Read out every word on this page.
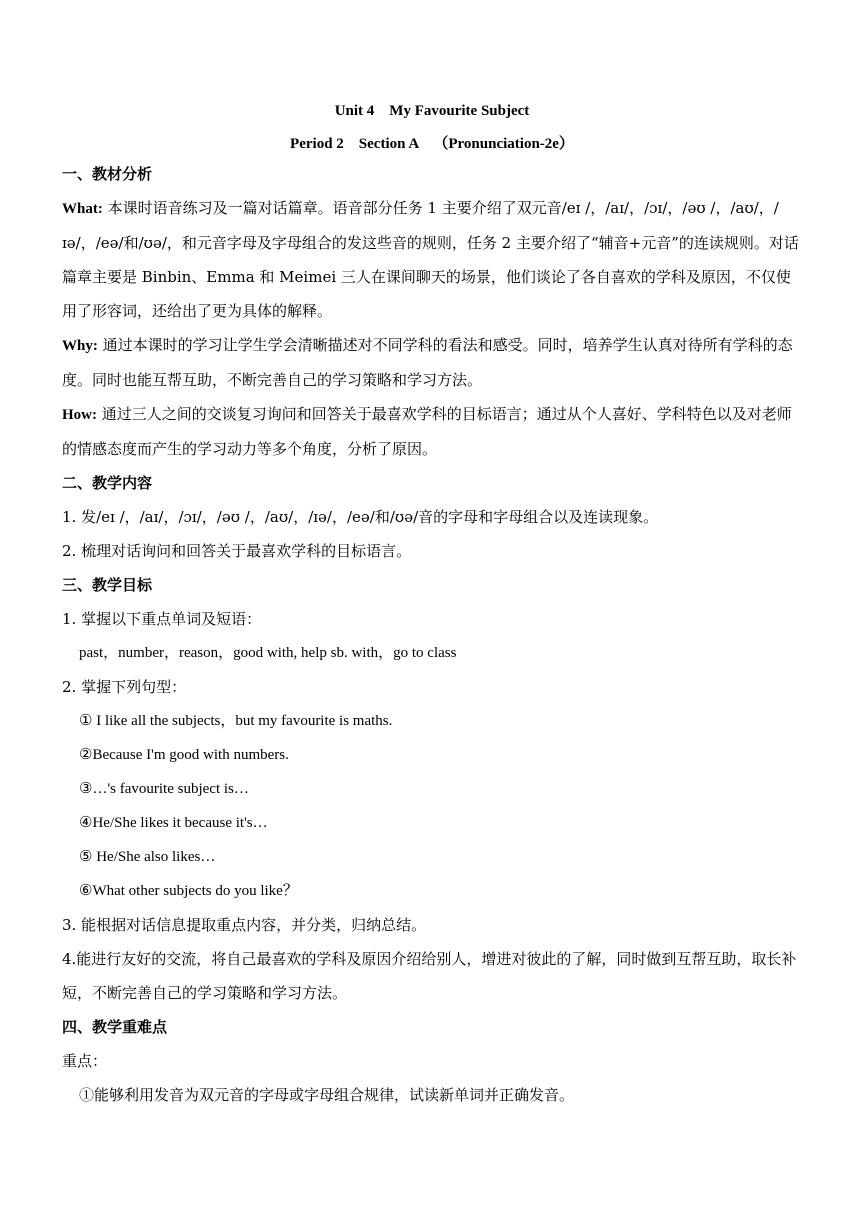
Unit 4    My Favourite Subject
Period 2    Section A    （Pronunciation-2e）

一、教材分析

What: 本课时语音练习及一篇对话篇章。语音部分任务 1 主要介绍了双元音/eɪ /，/aɪ/，/ɔɪ/，/əʊ /，/aʊ/，/ɪə/，/eə/和/ʊə/，和元音字母及字母组合的发这些音的规则，任务 2 主要介绍了“辅音+元音”的连读规则。对话篇章主要是 Binbin、Emma 和 Meimei 三人在课间聊天的场景，他们谈论了各自喜欢的学科及原因，不仅使用了形容词，还给出了更为具体的解释。

Why: 通过本课时的学习让学生学会清晰描述对不同学科的看法和感受。同时，培养学生认真对待所有学科的态度。同时也能互帮互助，不断完善自己的学习策略和学习方法。

How: 通过三人之间的交谈复习询问和回答关于最喜欢学科的目标语言；通过从个人喜好、学科特色以及对老师的情感态度而产生的学习动力等多个角度，分析了原因。

二、教学内容

1. 发/eɪ /，/aɪ/，/ɔɪ/，/əʊ /，/aʊ/，/ɪə/，/eə/和/ʊə/音的字母和字母组合以及连读现象。

2. 梳理对话询问和回答关于最喜欢学科的目标语言。

三、教学目标

1. 掌握以下重点单词及短语：

past，number，reason，good with, help sb. with，go to class

2. 掌握下列句型：

① I like all the subjects，but my favourite is maths.

②Because I'm good with numbers.

③…'s favourite subject is…

④He/She likes it because it's…

⑤ He/She also likes…

⑥What other subjects do you like？

3. 能根据对话信息提取重点内容，并分类，归纳总结。

4.能进行友好的交流，将自己最喜欢的学科及原因介绍给别人，增进对彼此的了解，同时做到互帮互助，取长补短，不断完善自己的学习策略和学习方法。

四、教学重难点

重点：

①能够利用发音为双元音的字母或字母组合规律，试读新单词并正确发音。
